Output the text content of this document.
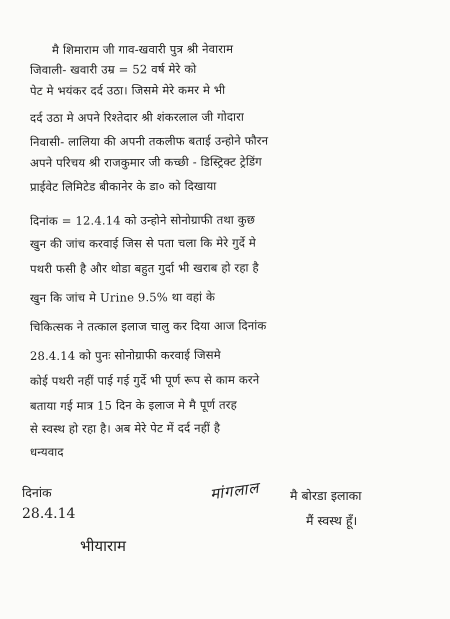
मै शिमाराम जी गाव-खवारी पुत्र श्री नेवाराम
जिवाली- खवारी उम्र = 52 वर्ष मेरे को
पेट मे भयंकर दर्द उठा। जिसमे मेरे कमर मे भी
दर्द उठा मे अपने रिश्तेदार श्री शंकरलाल जी गोदारा
निवासी- लालिया की अपनी तकलीफ बताई उन्होने फौरन
अपने परिचय श्री राजकुमार जी कच्छी - डिस्ट्रिक्ट ट्रेडिंग
प्राईवेट लिमिटेड बीकानेर के डा० को दिखाया
दिनांक = 12.4.14 को उन्होने सोनोग्राफी तथा कुछ
खुन की जांच करवाई जिस से पता चला कि मेरे गुर्दे मे
पथरी फसी है और थोडा बहुत गुर्दा भी खराब हो रहा है
खुन कि जांच मे Urine 9.5% था वहां के
चिकित्सक ने तत्काल इलाज चालु कर दिया आज दिनांक
28.4.14 को पुनः सोनोग्राफी करवाई जिसमे
कोई पथरी नहीं पाई गई गुर्दे भी पूर्ण रूप से काम करने
बताया गई मात्र 15 दिन के इलाज मे मै पूर्ण तरह
से स्वस्थ हो रहा है। अब मेरे पेट में दर्द नहीं है
धन्यवाद
दिनांक
28.4.14
भीयाराम
मांगलाल मै बोरडा इलाका
मैं स्वस्थ हूँ।
